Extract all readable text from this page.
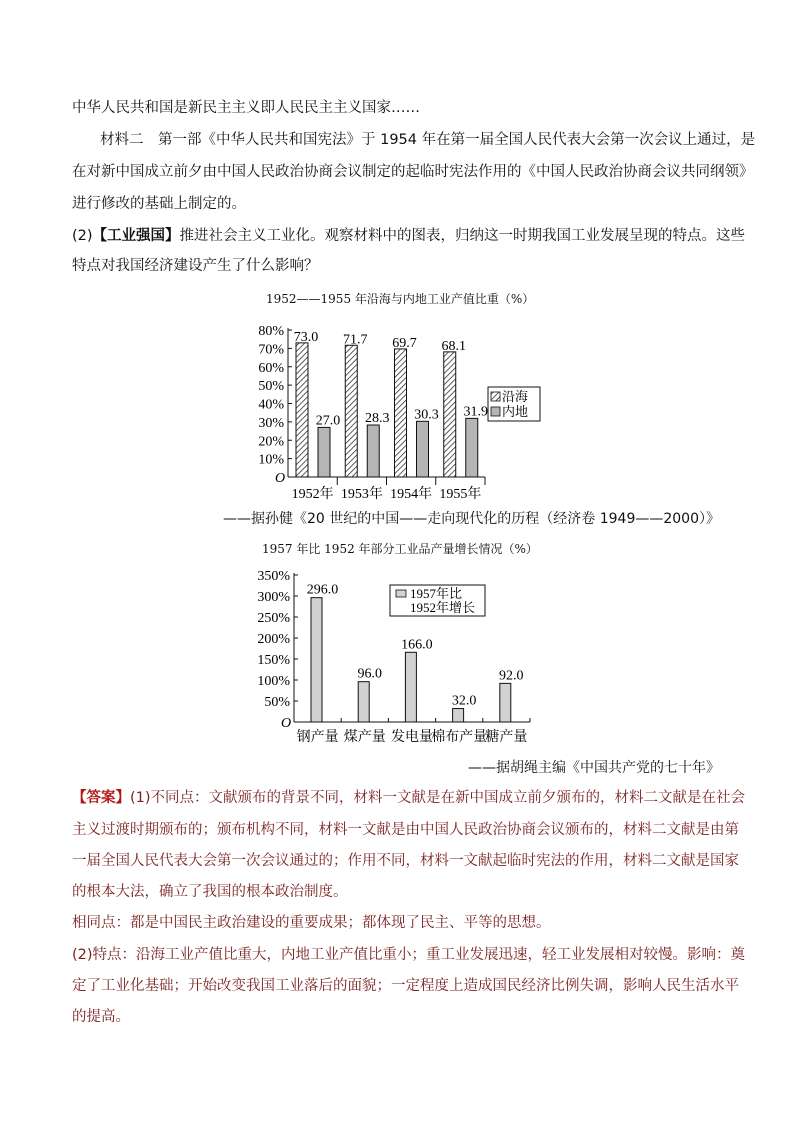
中华人民共和国是新民主主义即人民民主主义国家……
材料二　第一部《中华人民共和国宪法》于 1954 年在第一届全国人民代表大会第一次会议上通过，是
在对新中国成立前夕由中国人民政治协商会议制定的起临时宪法作用的《中国人民政治协商会议共同纲领》
进行修改的基础上制定的。
(2)【工业强国】推进社会主义工业化。观察材料中的图表，归纳这一时期我国工业发展呈现的特点。这些
特点对我国经济建设产生了什么影响？
1952——1955 年沿海与内地工业产值比重（%）
O
10%
20%
30%
40%
50%
60%
70%
80%
1952年 1953年 1954年 1955年
73.0
27.0
71.7
28.3
69.7
30.3
68.1
31.9
沿海
内地
——据孙健《20 世纪的中国——走向现代化的历程（经济卷 1949——2000）》
1957 年比 1952 年部分工业品产量增长情况（%）
O
50%
100%
150%
200%
250%
300%
350%
钢产量 煤产量 发电量
棉布产量
糖产量
296.0
96.0
166.0
32.0
92.0
1957年比
1952年增长
——据胡绳主编《中国共产党的七十年》
【答案】(1)不同点：文献颁布的背景不同，材料一文献是在新中国成立前夕颁布的，材料二文献是在社会
主义过渡时期颁布的；颁布机构不同，材料一文献是由中国人民政治协商会议颁布的，材料二文献是由第
一届全国人民代表大会第一次会议通过的；作用不同，材料一文献起临时宪法的作用，材料二文献是国家
的根本大法，确立了我国的根本政治制度。
相同点：都是中国民主政治建设的重要成果；都体现了民主、平等的思想。
(2)特点：沿海工业产值比重大，内地工业产值比重小；重工业发展迅速，轻工业发展相对较慢。影响：奠
定了工业化基础；开始改变我国工业落后的面貌；一定程度上造成国民经济比例失调，影响人民生活水平
的提高。
